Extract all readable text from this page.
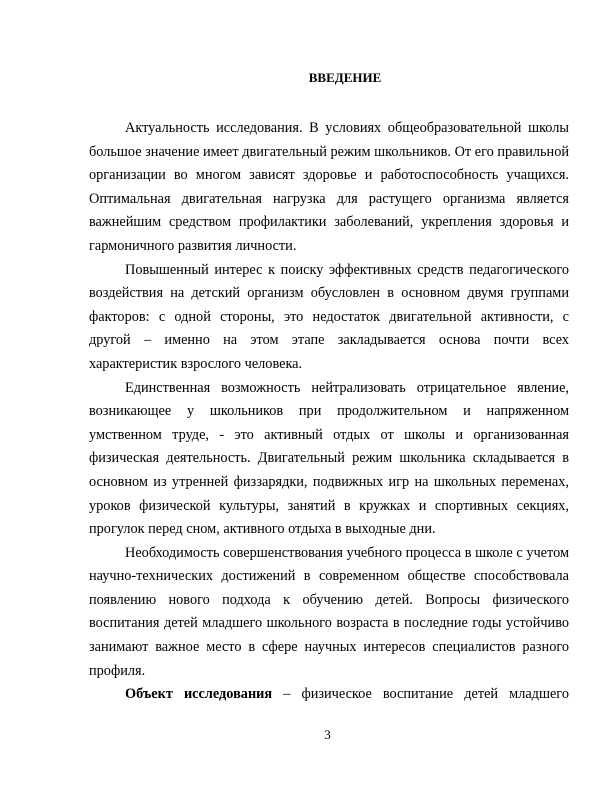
ВВЕДЕНИЕ

Актуальность исследования. В условиях общеобразовательной школы большое значение имеет двигательный режим школьников. От его правильной организации во многом зависят здоровье и работоспособность учащихся. Оптимальная двигательная нагрузка для растущего организма является важнейшим средством профилактики заболеваний, укрепления здоровья и гармоничного развития личности.

Повышенный интерес к поиску эффективных средств педагогического воздействия на детский организм обусловлен в основном двумя группами факторов: с одной стороны, это недостаток двигательной активности, с другой – именно на этом этапе закладывается основа почти всех характеристик взрослого человека.

Единственная возможность нейтрализовать отрицательное явление, возникающее у школьников при продолжительном и напряженном умственном труде, - это активный отдых от школы и организованная физическая деятельность. Двигательный режим школьника складывается в основном из утренней физзарядки, подвижных игр на школьных переменах, уроков физической культуры, занятий в кружках и спортивных секциях, прогулок перед сном, активного отдыха в выходные дни.

Необходимость совершенствования учебного процесса в школе с учетом научно-технических достижений в современном обществе способствовала появлению нового подхода к обучению детей. Вопросы физического воспитания детей младшего школьного возраста в последние годы устойчиво занимают важное место в сфере научных интересов специалистов разного профиля.

Объект исследования – физическое воспитание детей младшего

3
